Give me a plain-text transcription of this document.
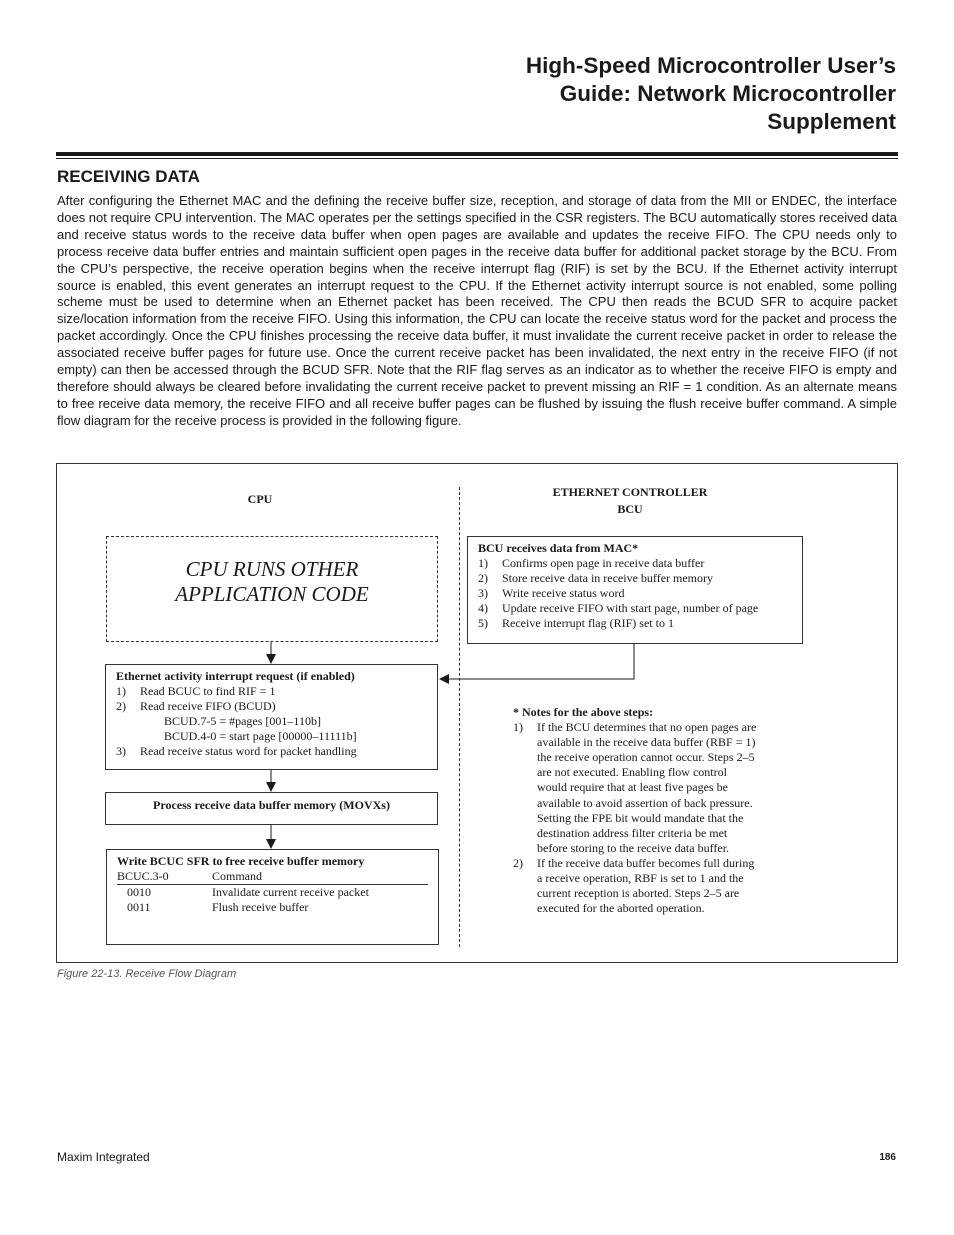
High-Speed Microcontroller User’s
Guide: Network Microcontroller
Supplement
RECEIVING DATA
After configuring the Ethernet MAC and the defining the receive buffer size, reception, and storage of data from the MII or ENDEC, the interface does not require CPU intervention. The MAC operates per the settings specified in the CSR registers. The BCU automatically stores received data and receive status words to the receive data buffer when open pages are available and updates the receive FIFO. The CPU needs only to process receive data buffer entries and maintain sufficient open pages in the receive data buffer for additional packet storage by the BCU. From the CPU’s perspective, the receive operation begins when the receive interrupt flag (RIF) is set by the BCU. If the Ethernet activity interrupt source is enabled, this event generates an interrupt request to the CPU. If the Ethernet activity interrupt source is not enabled, some polling scheme must be used to determine when an Ethernet packet has been received. The CPU then reads the BCUD SFR to acquire packet size/location information from the receive FIFO. Using this information, the CPU can locate the receive status word for the packet and process the packet accordingly. Once the CPU finishes processing the receive data buffer, it must invalidate the current receive packet in order to release the associated receive buffer pages for future use. Once the current receive packet has been invalidated, the next entry in the receive FIFO (if not empty) can then be accessed through the BCUD SFR. Note that the RIF flag serves as an indicator as to whether the receive FIFO is empty and therefore should always be cleared before invalidating the current receive packet to prevent missing an RIF = 1 condition. As an alternate means to free receive data memory, the receive FIFO and all receive buffer pages can be flushed by issuing the flush receive buffer command. A simple flow diagram for the receive process is provided in the following figure.
CPU	ETHERNET CONTROLLER
BCU
CPU RUNS OTHER
APPLICATION CODE
BCU receives data from MAC*
1)	Confirms open page in receive data buffer
2)	Store receive data in receive buffer memory
3)	Write receive status word
4)	Update receive FIFO with start page, number of page
5)	Receive interrupt flag (RIF) set to 1
Ethernet activity interrupt request (if enabled)
1)	Read BCUC to find RIF = 1
2)	Read receive FIFO (BCUD)
BCUD.7-5 = #pages [001–110b]
BCUD.4-0 = start page [00000–11111b]
3)	Read receive status word for packet handling
Process receive data buffer memory (MOVXs)
Write BCUC SFR to free receive buffer memory
BCUC.3-0	Command
0010	Invalidate current receive packet
0011	Flush receive buffer
* Notes for the above steps:
1)	If the BCU determines that no open pages are
available in the receive data buffer (RBF = 1)
the receive operation cannot occur. Steps 2–5
are not executed. Enabling flow control
would require that at least five pages be
available to avoid assertion of back pressure.
Setting the FPE bit would mandate that the
destination address filter criteria be met
before storing to the receive data buffer.
2)	If the receive data buffer becomes full during
a receive operation, RBF is set to 1 and the
current reception is aborted. Steps 2–5 are
executed for the aborted operation.
Figure 22-13. Receive Flow Diagram
Maxim Integrated	186
